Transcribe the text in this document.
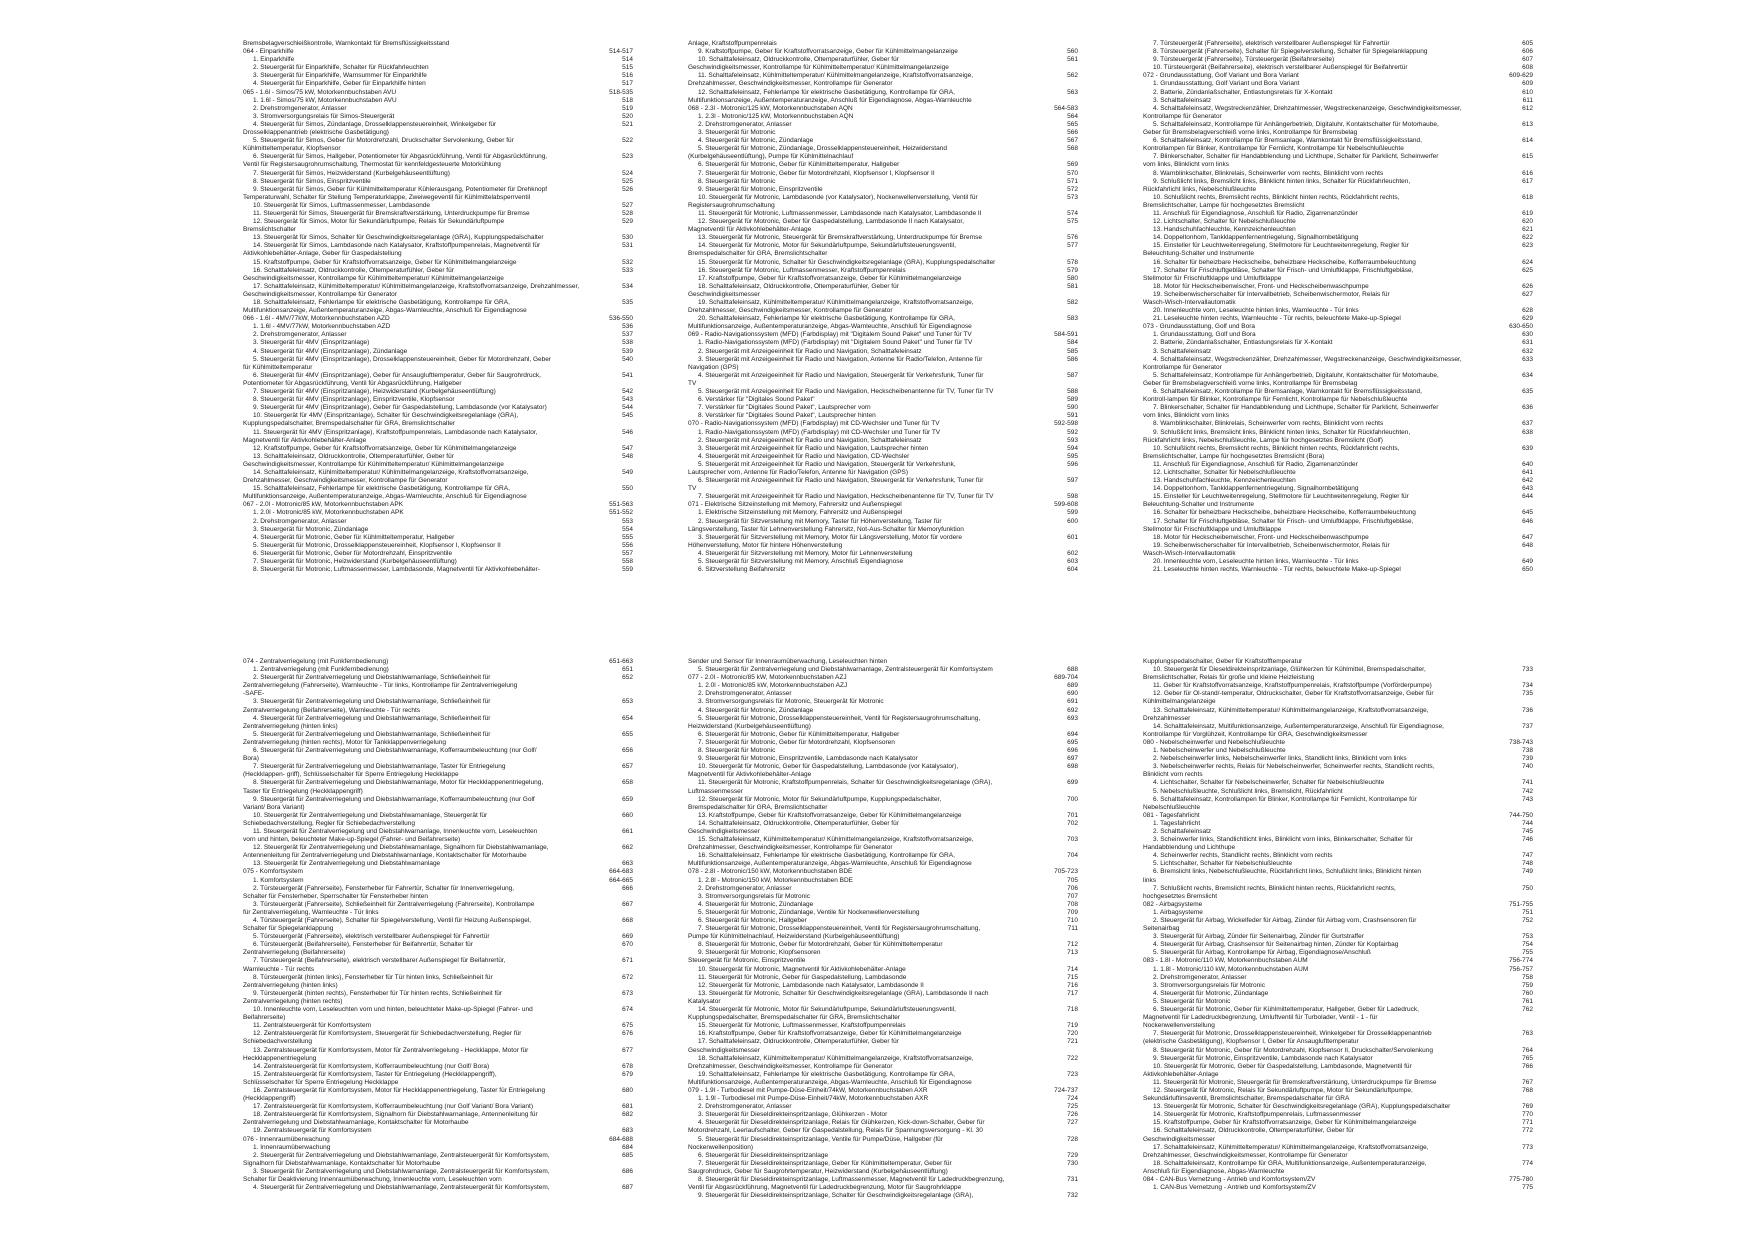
Bremsbelagverschleißkontrolle, Warnkontakt für Bremsflüssigkeitsstand
064 - Einparkhilfe	514-517
1. Einparkhilfe	514
2. Steuergerät für Einparkhilfe, Schalter für Rückfahrleuchten	515
3. Steuergerät für Einparkhilfe, Warnsummer für Einparkhilfe	516
4. Steuergerät für Einparkhilfe, Geber für Einparkhilfe hinten	517
065 - 1.6l - Simos/75 kW, Motorkennbuchstaben AVU	518-535
1. 1.6l - Simos/75 kW, Motorkennbuchstaben AVU	518
2. Drehstromgenerator, Anlasser	519
3. Stromversorgungsrelais für Simos-Steuergerät	520
4. Steuergerät für Simos, Zündanlage, Drosselklappensteuereinheit, Winkelgeber für	521
Drosselklappenantrieb (elektrische Gasbetätigung)
5. Steuergerät für Simos, Geber für Motordrehzahl, Druckschalter Servolenkung, Geber für	522
Kühlmitteltemperatur, Klopfsensor
6. Steuergerät für Simos, Hallgeber, Potentiometer für Abgasrückführung, Ventil für Abgasrückführung,	523
Ventil für Registersaugrohrumschaltung, Thermostat für kennfeldgesteuerte Motorkühlung
7. Steuergerät für Simos, Heizwiderstand (Kurbelgehäuseentlüftung)	524
8. Steuergerät für Simos, Einspritzventile	525
9. Steuergerät für Simos, Geber für Kühlmitteltemperatur Kühlerausgang, Potentiometer für Drehknopf	526
Temperaturwahl, Schalter für Stellung Temperaturklappe, Zweiwegeventil für Kühlmittelabsperrventil
10. Steuergerät für Simos, Luftmassenmesser, Lambdasonde	527
11. Steuergerät für Simos, Steuergerät für Bremskraftverstärkung, Unterdruckpumpe für Bremse	528
12. Steuergerät für Simos, Motor für Sekundärluftpumpe, Relais für Sekundärluftpumpe	529
Bremslichtschalter
13. Steuergerät für Simos, Schalter für Geschwindigkeitsregelanlage (GRA), Kupplungspedalschalter	530
14. Steuergerät für Simos, Lambdasonde nach Katalysator, Kraftstoffpumpenrelais, Magnetventil für	531
Aktivkohlebehälter-Anlage, Geber für Gaspedalstellung
15. Kraftstoffpumpe, Geber für Kraftstoffvorratsanzeige, Geber für Kühlmittelmangelanzeige	532
16. Schalttafeleinsatz, Öldruckkontrolle, Öltemperaturfühler, Geber für	533
Geschwindigkeitsmesser, Kontrollampe für Kühlmitteltemperatur/ Kühlmittelmangelanzeige
17. Schalttafeleinsatz, Kühlmitteltemperatur/ Kühlmittelmangelanzeige, Kraftstoffvorratsanzeige, Drehzahlmesser,	534
Geschwindigkeitsmesser, Kontrollampe für Generator
18. Schalttafeleinsatz, Fehlerlampe für elektrische Gasbetätigung, Kontrollampe für GRA,	535
Multifunktionsanzeige, Außentemperaturanzeige, Abgas-Warnleuchte, Anschluß für Eigendiagnose
066 - 1.6l - 4MV/77kW, Motorkennbuchstaben AZD	536-550
1. 1.6l - 4MV/77kW, Motorkennbuchstaben AZD	536
2. Drehstromgenerator, Anlasser	537
3. Steuergerät für 4MV (Einspritzanlage)	538
4. Steuergerät für 4MV (Einspritzanlage), Zündanlage	539
5. Steuergerät für 4MV (Einspritzanlage), Drosselklappensteuereinheit, Geber für Motordrehzahl, Geber	540
für Kühlmitteltemperatur
6. Steuergerät für 4MV (Einspritzanlage), Geber für Ansauglufttemperatur, Geber für Saugrohrdruck,	541
Potentiometer für Abgasrückführung, Ventil für Abgasrückführung, Hallgeber
7. Steuergerät für 4MV (Einspritzanlage), Heizwiderstand (Kurbelgehäuseentlüftung)	542
8. Steuergerät für 4MV (Einspritzanlage), Einspritzventile, Klopfsensor	543
9. Steuergerät für 4MV (Einspritzanlage), Geber für Gaspedalstellung, Lambdasonde (vor Katalysator)	544
10. Steuergerät für 4MV (Einspritzanlage), Schalter für Geschwindigkeitsregelanlage (GRA),	545
Kupplungspedalschalter, Bremspedalschalter für GRA, Bremslichtschalter
11. Steuergerät für 4MV (Einspritzanlage), Kraftstoffpumpenrelais, Lambdasonde nach Katalysator,	546
Magnetventil für Aktivkohlebehälter-Anlage
12. Kraftstoffpumpe, Geber für Kraftstoffvorratsanzeige, Geber für Kühlmittelmangelanzeige	547
13. Schalttafeleinsatz, Öldruckkontrolle, Öltemperaturfühler, Geber für	548
Geschwindigkeitsmesser, Kontrollampe für Kühlmitteltemperatur/ Kühlmittelmangelanzeige
14. Schalttafeleinsatz, Kühlmitteltemperatur/ Kühlmittelmangelanzeige, Kraftstoffvorratsanzeige,	549
Drehzahlmesser, Geschwindigkeitsmesser, Kontrollampe für Generator
15. Schalttafeleinsatz, Fehlerlampe für elektrische Gasbetätigung, Kontrollampe für GRA,	550
Multifunktionsanzeige, Außentemperaturanzeige, Abgas-Warnleuchte, Anschluß für Eigendiagnose
067 - 2.0l - Motronic/85 kW, Motorkennbuchstaben APK	551-563
1. 2.0l - Motronic/85 kW, Motorkennbuchstaben APK	551-552
2. Drehstromgenerator, Anlasser	553
3. Steuergerät für Motronic, Zündanlage	554
4. Steuergerät für Motronic, Geber für Kühlmitteltemperatur, Hallgeber	555
5. Steuergerät für Motronic, Drosselklappensteuereinheit, Klopfsensor I, Klopfsensor II	556
6. Steuergerät für Motronic, Geber für Motordrehzahl, Einspritzventile	557
7. Steuergerät für Motronic, Heizwiderstand (Kurbelgehäuseentlüftung)	558
8. Steuergerät für Motronic, Luftmassenmesser, Lambdasonde, Magnetventil für Aktivkohlebehälter-	559
Anlage, Kraftstoffpumpenrelais
9. Kraftstoffpumpe, Geber für Kraftstoffvorratsanzeige, Geber für Kühlmittelmangelanzeige	560
10. Schalttafeleinsatz, Öldruckkontrolle, Öltemperaturfühler, Geber für	561
Geschwindigkeitsmesser, Kontrollampe für Kühlmitteltemperatur/ Kühlmittelmangelanzeige
11. Schalttafeleinsatz, Kühlmitteltemperatur/ Kühlmittelmangelanzeige, Kraftstoffvorratsanzeige,	562
Drehzahlmesser, Geschwindigkeitsmesser, Kontrollampe für Generator
12. Schalttafeleinsatz, Fehlerlampe für elektrische Gasbetätigung, Kontrollampe für GRA,	563
Multifunktionsanzeige, Außentemperaturanzeige, Anschluß für Eigendiagnose, Abgas-Warnleuchte
068 - 2.3l - Motronic/125 kW, Motorkennbuchstaben AQN	564-583
1. 2.3l - Motronic/125 kW, Motorkennbuchstaben AQN	564
2. Drehstromgenerator, Anlasser	565
3. Steuergerät für Motronic	566
4. Steuergerät für Motronic, Zündanlage	567
5. Steuergerät für Motronic, Zündanlage, Drosselklappensteuereinheit, Heizwiderstand	568
(Kurbelgehäuseentlüftung), Pumpe für Kühlmittelnachlauf
6. Steuergerät für Motronic, Geber für Kühlmitteltemperatur, Hallgeber	569
7. Steuergerät für Motronic, Geber für Motordrehzahl, Klopfsensor I, Klopfsensor II	570
8. Steuergerät für Motronic	571
9. Steuergerät für Motronic, Einspritzventile	572
10. Steuergerät für Motronic, Lambdasonde (vor Katalysator), Nockenwellenverstellung, Ventil für	573
Registersaugrohrumschaltung
11. Steuergerät für Motronic, Luftmassenmesser, Lambdasonde nach Katalysator, Lambdasonde II	574
12. Steuergerät für Motronic, Geber für Gaspedalstellung, Lambdasonde II nach Katalysator,	575
Magnetventil für Aktivkohlebehälter-Anlage
13. Steuergerät für Motronic, Steuergerät für Bremskraftverstärkung, Unterdruckpumpe für Bremse	576
14. Steuergerät für Motronic, Motor für Sekundärluftpumpe, Sekundärluftsteuerungsventil,	577
Bremspedalschalter für GRA, Bremslichtschalter
15. Steuergerät für Motronic, Schalter für Geschwindigkeitsregelanlage (GRA), Kupplungspedalschalter	578
16. Steuergerät für Motronic, Luftmassenmesser, Kraftstoffpumpenrelais	579
17. Kraftstoffpumpe, Geber für Kraftstoffvorratsanzeige, Geber für Kühlmittelmangelanzeige	580
18. Schalttafeleinsatz, Öldruckkontrolle, Öltemperaturfühler, Geber für	581
Geschwindigkeitsmesser
19. Schalttafeleinsatz, Kühlmitteltemperatur/ Kühlmittelmangelanzeige, Kraftstoffvorratsanzeige,	582
Drehzahlmesser, Geschwindigkeitsmesser, Kontrollampe für Generator
20. Schalttafeleinsatz, Fehlerlampe für elektrische Gasbetätigung, Kontrollampe für GRA,	583
Multifunktionsanzeige, Außentemperaturanzeige, Abgas-Warnleuchte, Anschluß für Eigendiagnose
069 - Radio-Navigationssystem (MFD) (Farbdisplay) mit "Digitalem Sound Paket" und Tuner für TV	584-591
1. Radio-Navigationssystem (MFD) (Farbdisplay) mit "Digitalem Sound Paket" und Tuner für TV	584
2. Steuergerät mit Anzeigeeinheit für Radio und Navigation, Schalttafeleinsatz	585
3. Steuergerät mit Anzeigeeinheit für Radio und Navigation, Antenne für Radio/Telefon, Antenne für	586
Navigation (GPS)
4. Steuergerät mit Anzeigeeinheit für Radio und Navigation, Steuergerät für Verkehrsfunk, Tuner für	587
TV
5. Steuergerät mit Anzeigeeinheit für Radio und Navigation, Heckscheibenantenne für TV, Tuner für TV	588
6. Verstärker für "Digitales Sound Paket"	589
7. Verstärker für "Digitales Sound Paket", Lautsprecher vorn	590
8. Verstärker für "Digitales Sound Paket", Lautsprecher hinten	591
070 - Radio-Navigationssystem (MFD) (Farbdisplay) mit CD-Wechsler und Tuner für TV	592-598
1. Radio-Navigationssystem (MFD) (Farbdisplay) mit CD-Wechsler und Tuner für TV	592
2. Steuergerät mit Anzeigeeinheit für Radio und Navigation, Schalttafeleinsatz	593
3. Steuergerät mit Anzeigeeinheit für Radio und Navigation, Lautsprecher hinten	594
4. Steuergerät mit Anzeigeeinheit für Radio und Navigation, CD-Wechsler	595
5. Steuergerät mit Anzeigeeinheit für Radio und Navigation, Steuergerät für Verkehrsfunk,	596
Lautsprecher vorn, Antenne für Radio/Telefon, Antenne für Navigation (GPS)
6. Steuergerät mit Anzeigeeinheit für Radio und Navigation, Steuergerät für Verkehrsfunk, Tuner für	597
TV
7. Steuergerät mit Anzeigeeinheit für Radio und Navigation, Heckscheibenantenne für TV, Tuner für TV	598
071 - Elektrische Sitzeinstellung mit Memory, Fahrersitz und Außenspiegel	599-608
1. Elektrische Sitzeinstellung mit Memory, Fahrersitz und Außenspiegel	599
2. Steuergerät für Sitzverstellung mit Memory, Taster für Höhenverstellung, Taster für	600
Längsverstellung, Taster für Lehnenverstellung Fahrersitz, Not-Aus-Schalter für Memoryfunktion
3. Steuergerät für Sitzverstellung mit Memory, Motor für Längsverstellung, Motor für vordere	601
Höhenverstellung, Motor für hintere Höhenverstellung
4. Steuergerät für Sitzverstellung mit Memory, Motor für Lehnenverstellung	602
5. Steuergerät für Sitzverstellung mit Memory, Anschluß Eigendiagnose	603
6. Sitzverstellung Beifahrersitz	604
7. Türsteuergerät (Fahrerseite), elektrisch verstellbarer Außenspiegel für Fahrertür	605
8. Türsteuergerät (Fahrerseite), Schalter für Spiegelverstellung, Schalter für Spiegelanklappung	606
9. Türsteuergerät (Fahrerseite), Türsteuergerät (Beifahrerseite)	607
10. Türsteuergerät (Beifahrerseite), elektrisch verstellbarer Außenspiegel für Beifahrertür	608
072 - Grundausstattung, Golf Variant und Bora Variant	609-629
1. Grundausstattung, Golf Variant und Bora Variant	609
2. Batterie, Zündanlaßschalter, Entlastungsrelais für X-Kontakt	610
3. Schalttafeleinsatz	611
4. Schalttafeleinsatz, Wegstreckenzähler, Drehzahlmesser, Wegstreckenanzeige, Geschwindigkeitsmesser,	612
Kontrollampe für Generator
5. Schalttafeleinsatz, Kontrollampe für Anhängerbetrieb, Digitaluhr, Kontaktschalter für Motorhaube,	613
Geber für Bremsbelagverschleiß vorne links, Kontrollampe für Bremsbelag
6. Schalttafeleinsatz, Kontrollampe für Bremsanlage, Warnkontakt für Bremsflüssigkeitsstand,	614
Kontrollampen für Blinker, Kontrollampe für Fernlicht, Kontrollampe für Nebelschlußleuchte
7. Blinkerschalter, Schalter für Handabblendung und Lichthupe, Schalter für Parklicht, Scheinwerfer	615
vorn links, Blinklicht vorn links
8. Warnblinkschalter, Blinkrelais, Scheinwerfer vorn rechts, Blinklicht vorn rechts	616
9. Schlußlicht links, Bremslicht links, Blinklicht hinten links, Schalter für Rückfahrleuchten,	617
Rückfahrlicht links, Nebelschlußleuchte
10. Schlußlicht rechts, Bremslicht rechts, Blinklicht hinten rechts, Rückfahrlicht rechts,	618
Bremslichtschalter, Lampe für hochgesetztes Bremslicht
11. Anschluß für Eigendiagnose, Anschluß für Radio, Zigarrenanzünder	619
12. Lichtschalter, Schalter für Nebelschlußleuchte	620
13. Handschuhfachleuchte, Kennzeichenleuchten	621
14. Doppeltonhorn, Tankklappenfernentriegelung, Signalhornbetätigung	622
15. Einsteller für Leuchtweitenregelung, Stellmotore für Leuchtweitenregelung, Regler für	623
Beleuchtung-Schalter und Instrumente
16. Schalter für beheizbare Heckscheibe, beheizbare Heckscheibe, Kofferraumbeleuchtung	624
17. Schalter für Frischluftgebläse, Schalter für Frisch- und Umluftklappe, Frischluftgebläse,	625
Stellmotor für Frischluftklappe und Umluftklappe
18. Motor für Heckscheibenwischer, Front- und Heckscheibenwaschpumpe	626
19. Scheibenwischerschalter für Intervallbetrieb, Scheibenwischermotor, Relais für	627
Wasch-Wisch-Intervallautomatik
20. Innenleuchte vorn, Leseleuchte hinten links, Warnleuchte - Tür links	628
21. Leseleuchte hinten rechts, Warnleuchte - Tür rechts, beleuchtete Make-up-Spiegel	629
073 - Grundausstattung, Golf und Bora	630-650
1. Grundausstattung, Golf und Bora	630
2. Batterie, Zündanlaßschalter, Entlastungsrelais für X-Kontakt	631
3. Schalttafeleinsatz	632
4. Schalttafeleinsatz, Wegstreckenzähler, Drehzahlmesser, Wegstreckenanzeige, Geschwindigkeitsmesser,	633
Kontrollampe für Generator
5. Schalttafeleinsatz, Kontrollampe für Anhängerbetrieb, Digitaluhr, Kontaktschalter für Motorhaube,	634
Geber für Bremsbelagverschleiß vorne links, Kontrollampe für Bremsbelag
6. Schalttafeleinsatz, Kontrollampe für Bremsanlage, Warnkontakt für Bremsflüssigkeitsstand,	635
Kontroll-lampen für Blinker, Kontrollampe für Fernlicht, Kontrollampe für Nebelschlußleuchte
7. Blinkerschalter, Schalter für Handabblendung und Lichthupe, Schalter für Parklicht, Scheinwerfer	636
vorn links, Blinklicht vorn links
8. Warnblinkschalter, Blinkrelais, Scheinwerfer vorn rechts, Blinklicht vorn rechts	637
9. Schlußlicht links, Bremslicht links, Blinklicht hinten links, Schalter für Rückfahrleuchten,	638
Rückfahrlicht links, Nebelschlußleuchte, Lampe für hochgesetztes Bremslicht (Golf)
10. Schlußlicht rechts, Bremslicht rechts, Blinklicht hinten rechts, Rückfahrlicht rechts,	639
Bremslichtschalter, Lampe für hochgesetztes Bremslicht (Bora)
11. Anschluß für Eigendiagnose, Anschluß für Radio, Zigarrenanzünder	640
12. Lichtschalter, Schalter für Nebelschlußleuchte	641
13. Handschuhfachleuchte, Kennzeichenleuchten	642
14. Doppeltonhorn, Tankklappenfernentriegelung, Signalhornbetätigung	643
15. Einsteller für Leuchtweitenregelung, Stellmotore für Leuchtweitenregelung, Regler für	644
Beleuchtung-Schalter und Instrumente
16. Schalter für beheizbare Heckscheibe, beheizbare Heckscheibe, Kofferraumbeleuchtung	645
17. Schalter für Frischluftgebläse, Schalter für Frisch- und Umluftklappe, Frischluftgebläse,	646
Stellmotor für Frischluftklappe und Umluftklappe
18. Motor für Heckscheibenwischer, Front- und Heckscheibenwaschpumpe	647
19. Scheibenwischerschalter für Intervallbetrieb, Scheibenwischermotor, Relais für	648
Wasch-Wisch-Intervallautomatik
20. Innenleuchte vorn, Leseleuchte hinten links, Warnleuchte - Tür links	649
21. Leseleuchte hinten rechts, Warnleuchte - Tür rechts, beleuchtete Make-up-Spiegel	650
074 - Zentralverriegelung (mit Funkfernbedienung)	651-663
1. Zentralverriegelung (mit Funkfernbedienung)	651
2. Steuergerät für Zentralverriegelung und Diebstahlwarnanlage, Schließeinheit für	652
Zentralverriegelung (Fahrerseite), Warnleuchte - Tür links, Kontrollampe für Zentralverriegelung
-SAFE-
3. Steuergerät für Zentralverriegelung und Diebstahlwarnanlage, Schließeinheit für	653
Zentralverriegelung (Beifahrerseite), Warnleuchte - Tür rechts
4. Steuergerät für Zentralverriegelung und Diebstahlwarnanlage, Schließeinheit für	654
Zentralverriegelung (hinten links)
5. Steuergerät für Zentralverriegelung und Diebstahlwarnanlage, Schließeinheit für	655
Zentralverriegelung (hinten rechts), Motor für Tankklappenverriegelung
6. Steuergerät für Zentralverriegelung und Diebstahlwarnanlage, Kofferraumbeleuchtung (nur Golf/	656
Bora)
7. Steuergerät für Zentralverriegelung und Diebstahlwarnanlage, Taster für Entriegelung	657
(Heckklappen- griff), Schlüsselschalter für Sperre Entriegelung Heckklappe
8. Steuergerät für Zentralverriegelung und Diebstahlwarnanlage, Motor für Heckklappenentriegelung,	658
Taster für Entriegelung (Heckklappengriff)
9. Steuergerät für Zentralverriegelung und Diebstahlwarnanlage, Kofferraumbeleuchtung (nur Golf	659
Variant/ Bora Variant)
10. Steuergerät für Zentralverriegelung und Diebstahlwarnanlage, Steuergerät für	660
Schiebedachverstellung, Regler für Schiebedachverstellung
11. Steuergerät für Zentralverriegelung und Diebstahlwarnanlage, Innenleuchte vorn, Leseleuchten	661
vorn und hinten, beleuchteter Make-up-Spiegel (Fahrer- und Beifahrerseite)
12. Steuergerät für Zentralverriegelung und Diebstahlwarnanlage, Signalhorn für Diebstahlwarnanlage,	662
Antennenleitung für Zentralverriegelung und Diebstahlwarnanlage, Kontaktschalter für Motorhaube
13. Steuergerät für Zentralverriegelung und Diebstahlwarnanlage	663
075 - Komfortsystem	664-683
1. Komfortsystem	664-665
2. Türsteuergerät (Fahrerseite), Fensterheber für Fahrertür, Schalter für Innenverriegelung,	666
Schalter für Fensterheber, Sperrschalter für Fensterheber hinten
3. Türsteuergerät (Fahrerseite), Schließeinheit für Zentralverriegelung (Fahrerseite), Kontrollampe	667
für Zentralverriegelung, Warnleuchte - Tür links
4. Türsteuergerät (Fahrerseite), Schalter für Spiegelverstellung, Ventil für Heizung Außenspiegel,	668
Schalter für Spiegelanklappung
5. Türsteuergerät (Fahrerseite), elektrisch verstellbarer Außenspiegel für Fahrertür	669
6. Türsteuergerät (Beifahrerseite), Fensterheber für Beifahrertür, Schalter für	670
Zentralverriegelung (Beifahrerseite)
7. Türsteuergerät (Beifahrerseite), elektrisch verstellbarer Außenspiegel für Beifahrertür,	671
Warnleuchte - Tür rechts
8. Türsteuergerät (hinten links), Fensterheber für Tür hinten links, Schließeinheit für	672
Zentralverriegelung (hinten links)
9. Türsteuergerät (hinten rechts), Fensterheber für Tür hinten rechts, Schließeinheit für	673
Zentralverriegelung (hinten rechts)
10. Innenleuchte vorn, Leseleuchten vorn und hinten, beleuchteter Make-up-Spiegel (Fahrer- und	674
Beifahrerseite)
11. Zentralsteuergerät für Komfortsystem	675
12. Zentralsteuergerät für Komfortsystem, Steuergerät für Schiebedachverstellung, Regler für	676
Schiebedachverstellung
13. Zentralsteuergerät für Komfortsystem, Motor für Zentralverriegelung - Heckklappe, Motor für	677
Heckklappenentriegelung
14. Zentralsteuergerät für Komfortsystem, Kofferraumbeleuchtung (nur Golf/ Bora)	678
15. Zentralsteuergerät für Komfortsystem, Taster für Entriegelung (Heckklappengriff),	679
Schlüsselschalter für Sperre Entriegelung Heckklappe
16. Zentralsteuergerät für Komfortsystem, Motor für Heckklappenentriegelung, Taster für Entriegelung	680
(Heckklappengriff)
17. Zentralsteuergerät für Komfortsystem, Kofferraumbeleuchtung (nur Golf Variant/ Bora Variant)	681
18. Zentralsteuergerät für Komfortsystem, Signalhorn für Diebstahlwarnanlage, Antennenleitung für	682
Zentralverriegelung und Diebstahlwarnanlage, Kontaktschalter für Motorhaube
19. Zentralsteuergerät für Komfortsystem	683
076 - Innenraumüberwachung	684-688
1. Innenraumüberwachung	684
2. Steuergerät für Zentralverriegelung und Diebstahlwarnanlage, Zentralsteuergerät für Komfortsystem,	685
Signalhorn für Diebstahlwarnanlage, Kontaktschalter für Motorhaube
3. Steuergerät für Zentralverriegelung und Diebstahlwarnanlage, Zentralsteuergerät für Komfortsystem,	686
Schalter für Deaktivierung Innenraumüberwachung, Innenleuchte vorn, Leseleuchten vorn
4. Steuergerät für Zentralverriegelung und Diebstahlwarnanlage, Zentralsteuergerät für Komfortsystem,	687
Sender und Sensor für Innenraumüberwachung, Leseleuchten hinten
5. Steuergerät für Zentralverriegelung und Diebstahlwarnanlage, Zentralsteuergerät für Komfortsystem	688
077 - 2.0l - Motronic/85 kW, Motorkennbuchstaben AZJ	689-704
1. 2.0l - Motronic/85 kW, Motorkennbuchstaben AZJ	689
2. Drehstromgenerator, Anlasser	690
3. Stromversorgungsrelais für Motronic, Steuergerät für Motronic	691
4. Steuergerät für Motronic, Zündanlage	692
5. Steuergerät für Motronic, Drosselklappensteuereinheit, Ventil für Registersaugrohrumschaltung,	693
Heizwiderstand (Kurbelgehäuseentlüftung)
6. Steuergerät für Motronic, Geber für Kühlmitteltemperatur, Hallgeber	694
7. Steuergerät für Motronic, Geber für Motordrehzahl, Klopfsensoren	695
8. Steuergerät für Motronic	696
9. Steuergerät für Motronic, Einspritzventile, Lambdasonde nach Katalysator	697
10. Steuergerät für Motronic, Geber für Gaspedalstellung, Lambdasonde (vor Katalysator),	698
Magnetventil für Aktivkohlebehälter-Anlage
11. Steuergerät für Motronic, Kraftstoffpumpenrelais, Schalter für Geschwindigkeitsregelanlage (GRA),	699
Luftmassenmesser
12. Steuergerät für Motronic, Motor für Sekundärluftpumpe, Kupplungspedalschalter,	700
Bremspedalschalter für GRA, Bremslichtschalter
13. Kraftstoffpumpe, Geber für Kraftstoffvorratsanzeige, Geber für Kühlmittelmangelanzeige	701
14. Schalttafeleinsatz, Öldruckkontrolle, Öltemperaturfühler, Geber für	702
Geschwindigkeitsmesser
15. Schalttafeleinsatz, Kühlmitteltemperatur/ Kühlmittelmangelanzeige, Kraftstoffvorratsanzeige,	703
Drehzahlmesser, Geschwindigkeitsmesser, Kontrollampe für Generator
16. Schalttafeleinsatz, Fehlerlampe für elektrische Gasbetätigung, Kontrollampe für GRA,	704
Multifunktionsanzeige, Außentemperaturanzeige, Abgas-Warnleuchte, Anschluß für Eigendiagnose
078 - 2.8l - Motronic/150 kW, Motorkennbuchstaben BDE	705-723
1. 2.8l - Motronic/150 kW, Motorkennbuchstaben BDE	705
2. Drehstromgenerator, Anlasser	706
3. Stromversorgungsrelais für Motronic	707
4. Steuergerät für Motronic, Zündanlage	708
5. Steuergerät für Motronic, Zündanlage, Ventile für Nockenwellenverstellung	709
6. Steuergerät für Motronic, Hallgeber	710
7. Steuergerät für Motronic, Drosselklappensteuereinheit, Ventil für Registersaugrohrumschaltung,	711
Pumpe für Kühlmittelnachlauf, Heizwiderstand (Kurbelgehäuseentlüftung)
8. Steuergerät für Motronic, Geber für Motordrehzahl, Geber für Kühlmitteltemperatur	712
9. Steuergerät für Motronic, Klopfsensoren	713
Steuergerät für Motronic, Einspritzventile
10. Steuergerät für Motronic, Magnetventil für Aktivkohlebehälter-Anlage	714
11. Steuergerät für Motronic, Geber für Gaspedalstellung, Lambdasonde	715
12. Steuergerät für Motronic, Lambdasonde nach Katalysator, Lambdasonde II	716
13. Steuergerät für Motronic, Schalter für Geschwindigkeitsregelanlage (GRA), Lambdasonde II nach	717
Katalysator
14. Steuergerät für Motronic, Motor für Sekundärluftpumpe, Sekundärluftsteuerungsventil,	718
Kupplungspedalschalter, Bremspedalschalter für GRA, Bremslichtschalter
15. Steuergerät für Motronic, Luftmassenmesser, Kraftstoffpumpenrelais	719
16. Kraftstoffpumpe, Geber für Kraftstoffvorratsanzeige, Geber für Kühlmittelmangelanzeige	720
17. Schalttafeleinsatz, Öldruckkontrolle, Öltemperaturfühler, Geber für	721
Geschwindigkeitsmesser
18. Schalttafeleinsatz, Kühlmitteltemperatur/ Kühlmittelmangelanzeige, Kraftstoffvorratsanzeige,	722
Drehzahlmesser, Geschwindigkeitsmesser, Kontrollampe für Generator
19. Schalttafeleinsatz, Fehlerlampe für elektrische Gasbetätigung, Kontrollampe für GRA,	723
Multifunktionsanzeige, Außentemperaturanzeige, Abgas-Warnleuchte, Anschluß für Eigendiagnose
079 - 1.9l - Turbodiesel mit Pumpe-Düse-Einheit/74kW, Motorkennbuchstaben AXR	724-737
1. 1.9l - Turbodiesel mit Pumpe-Düse-Einheit/74kW, Motorkennbuchstaben AXR	724
2. Drehstromgenerator, Anlasser	725
3. Steuergerät für Dieseldirekteinspritzanlage, Glühkerzen - Motor	726
4. Steuergerät für Dieseldirekteinspritzanlage, Relais für Glühkerzen, Kick-down-Schalter, Geber für	727
Motordrehzahl, Leerlaufschalter, Geber für Gaspedalstellung, Relais für Spannungsversorgung - Kl. 30
5. Steuergerät für Dieseldirekteinspritzanlage, Ventile für Pumpe/Düse, Hallgeber (für	728
Nockenwellenposition)
6. Steuergerät für Dieseldirekteinspritzanlage	729
7. Steuergerät für Dieseldirekteinspritzanlage, Geber für Kühlmitteltemperatur, Geber für	730
Saugrohrdruck, Geber für Saugrohrtemperatur, Heizwiderstand (Kurbelgehäuseentlüftung)
8. Steuergerät für Dieseldirekteinspritzanlage, Luftmassenmesser, Magnetventil für Ladedruckbegrenzung,	731
Ventil für Abgasrückführung, Magnetventil für Ladedruckbegrenzung, Motor für Saugrohrklappe
9. Steuergerät für Dieseldirekteinspritzanlage, Schalter für Geschwindigkeitsregelanlage (GRA),	732
Kupplungspedalschalter, Geber für Kraftstofftemperatur
10. Steuergerät für Dieseldirekteinspritzanlage, Glühkerzen für Kühlmittel, Bremspedalschalter,	733
Bremslichtschalter, Relais für große und kleine Heizleistung
11. Geber für Kraftstoffvorratsanzeige, Kraftstoffpumpenrelais, Kraftstoffpumpe (Vorförderpumpe)	734
12. Geber für Öl-stand/-temperatur, Öldruckschalter, Geber für Kraftstoffvorratsanzeige, Geber für	735
Kühlmittelmangelanzeige
13. Schalttafeleinsatz, Kühlmitteltemperatur/ Kühlmittelmangelanzeige, Kraftstoffvorratsanzeige,	736
Drehzahlmesser
14. Schalttafeleinsatz, Multifunktionsanzeige, Außentemperaturanzeige, Anschluß für Eigendiagnose,	737
Kontrollampe für Vorglühzeit, Kontrollampe für GRA, Geschwindigkeitsmesser
080 - Nebelscheinwerfer und Nebelschlußleuchte	738-743
1. Nebelscheinwerfer und Nebelschlußleuchte	738
2. Nebelscheinwerfer links, Nebelscheinwerfer links, Standlicht links, Blinklicht vorn links	739
3. Nebelscheinwerfer rechts, Relais für Nebelscheinwerfer, Scheinwerfer rechts, Standlicht rechts,	740
Blinklicht vorn rechts
4. Lichtschalter, Schalter für Nebelscheinwerfer, Schalter für Nebelschlußleuchte	741
5. Nebelschlußleuchte, Schlußlicht links, Bremslicht, Rückfahrlicht	742
6. Schalttafeleinsatz, Kontrollampen für Blinker, Kontrollampe für Fernlicht, Kontrollampe für	743
Nebelschlußleuchte
081 - Tagesfahrlicht	744-750
1. Tagesfahrlicht	744
2. Schalttafeleinsatz	745
3. Scheinwerfer links, Standlichtlicht links, Blinklicht vorn links, Blinkerschalter, Schalter für	746
Handabblendung und Lichthupe
4. Scheinwerfer rechts, Standlicht rechts, Blinklicht vorn rechts	747
5. Lichtschalter, Schalter für Nebelschlußleuchte	748
6. Bremslicht links, Nebelschlußleuchte, Rückfahrlicht links, Schlußlicht links, Blinklicht hinten	749
links
7. Schlußlicht rechts, Bremslicht rechts, Blinklicht hinten rechts, Rückfahrlicht rechts,	750
hochgesetztes Bremslicht
082 - Airbagsysteme	751-755
1. Airbagsysteme	751
2. Steuergerät für Airbag, Wickelfeder für Airbag, Zünder für Airbag vorn, Crashsensoren für	752
Seitenairbag
3. Steuergerät für Airbag, Zünder für Seitenairbag, Zünder für Gurtstraffer	753
4. Steuergerät für Airbag, Crashsensor für Seitenairbag hinten, Zünder für Kopfairbag	754
5. Steuergerät für Airbag, Kontrollampe für Airbag, Eigendiagnose/Anschluß	755
083 - 1.8l - Motronic/110 kW, Motorkennbuchstaben AUM	756-774
1. 1.8l - Motronic/110 kW, Motorkennbuchstaben AUM	756-757
2. Drehstromgenerator, Anlasser	758
3. Stromversorgungsrelais für Motronic	759
4. Steuergerät für Motronic, Zündanlage	760
5. Steuergerät für Motronic	761
6. Steuergerät für Motronic, Geber für Kühlmitteltemperatur, Hallgeber, Geber für Ladedruck,	762
Magnetventil für Ladedruckbegrenzung, Umluftventil für Turbolader, Ventil - 1 - für
Nockenwellenverstellung
7. Steuergerät für Motronic, Drosselklappensteuereinheit, Winkelgeber für Drosselklappenantrieb	763
(elektrische Gasbetätigung), Klopfsensor I, Geber für Ansauglufttemperatur
8. Steuergerät für Motronic, Geber für Motordrehzahl, Klopfsensor II, Druckschalter/Servolenkung	764
9. Steuergerät für Motronic, Einspritzventile, Lambdasonde nach Katalysator	765
10. Steuergerät für Motronic, Geber für Gaspedalstellung, Lambdasonde, Magnetventil für	766
Aktivkohlebehälter-Anlage
11. Steuergerät für Motronic, Steuergerät für Bremskraftverstärkung, Unterdruckpumpe für Bremse	767
12. Steuergerät für Motronic, Relais für Sekundärluftpumpe, Motor für Sekundärluftpumpe,	768
Sekundärluftinsaventil, Bremslichtschalter, Bremspedalschalter für GRA
13. Steuergerät für Motronic, Schalter für Geschwindigkeitsregelanlage (GRA), Kupplungspedalschalter	769
14. Steuergerät für Motronic, Kraftstoffpumpenrelais, Luftmassenmesser	770
15. Kraftstoffpumpe, Geber für Kraftstoffvorratsanzeige, Geber für Kühlmittelmangelanzeige	771
16. Schalttafeleinsatz, Öldruckkontrolle, Öltemperaturfühler, Geber für	772
Geschwindigkeitsmesser
17. Schalttafeleinsatz, Kühlmitteltemperatur/ Kühlmittelmangelanzeige, Kraftstoffvorratsanzeige,	773
Drehzahlmesser, Geschwindigkeitsmesser, Kontrollampe für Generator
18. Schalttafeleinsatz, Kontrollampe für GRA, Multifunktionsanzeige, Außentemperaturanzeige,	774
Anschluß für Eigendiagnose, Abgas-Warnleuchte
084 - CAN-Bus Vernetzung - Antrieb und Komfortsystem/ZV	775-780
1. CAN-Bus Vernetzung - Antrieb und Komfortsystem/ZV	775
